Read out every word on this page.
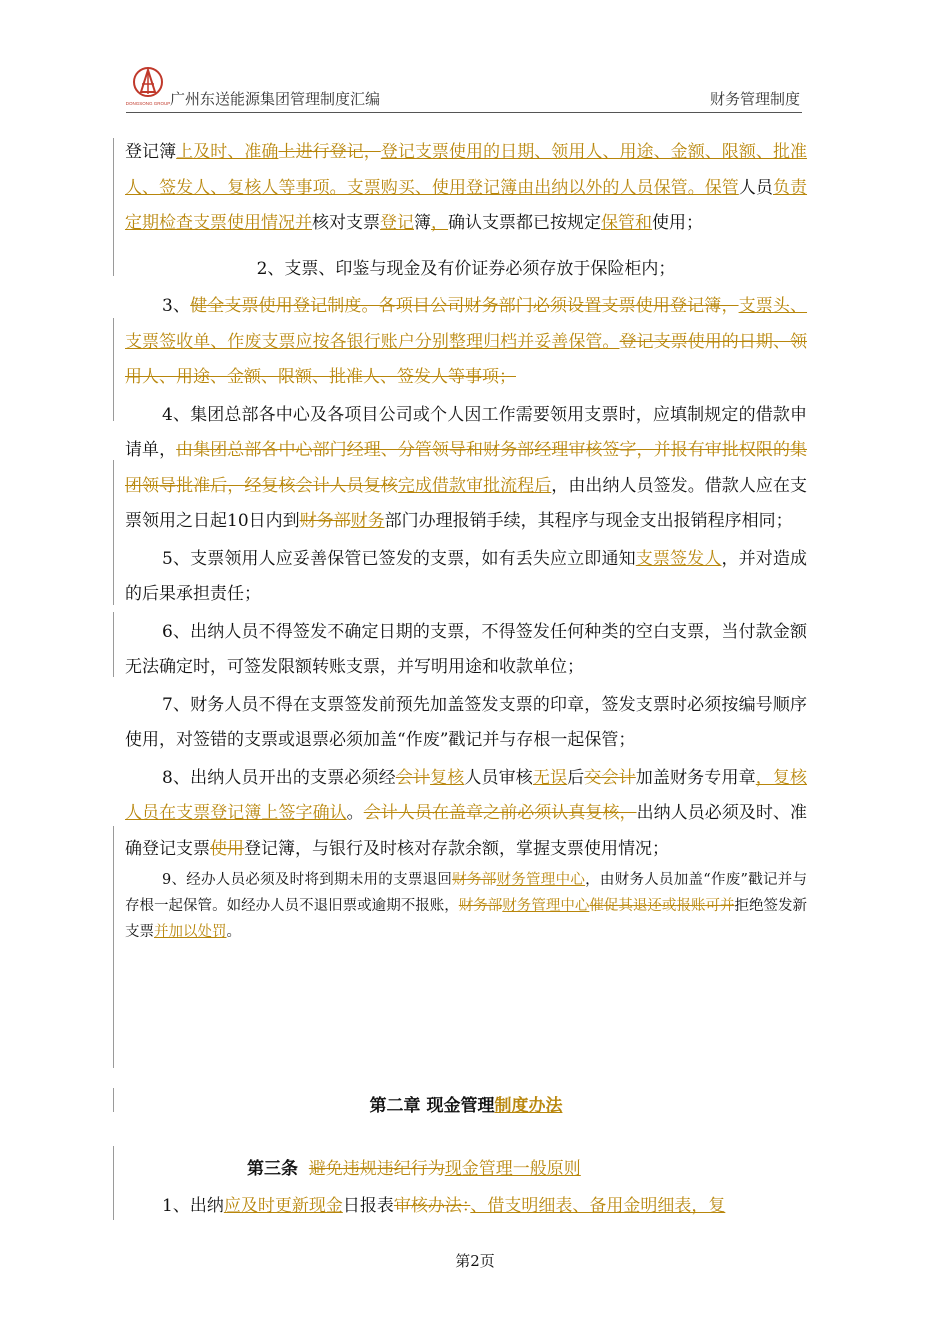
DONGSONG GROUP 广州东送能源集团管理制度汇编	财务管理制度

登记簿上及时、准确上进行登记，登记支票使用的日期、领用人、用途、金额、限额、批准人、签发人、复核人等事项。支票购买、使用登记簿由出纳以外的人员保管。保管人员负责定期检查支票使用情况并核对支票登记簿，确认支票都已按规定保管和使用；

2、支票、印鉴与现金及有价证券必须存放于保险柜内；

3、健全支票使用登记制度。各项目公司财务部门必须设置支票使用登记簿，支票头、支票签收单、作废支票应按各银行账户分别整理归档并妥善保管。登记支票使用的日期、领用人、用途、金额、限额、批准人、签发人等事项；

4、集团总部各中心及各项目公司或个人因工作需要领用支票时，应填制规定的借款申请单，由集团总部各中心部门经理、分管领导和财务部经理审核签字，并报有审批权限的集团领导批准后，经复核会计人员复核完成借款审批流程后，由出纳人员签发。借款人应在支票领用之日起10日内到财务部财务部门办理报销手续，其程序与现金支出报销程序相同；

5、支票领用人应妥善保管已签发的支票，如有丢失应立即通知支票签发人，并对造成的后果承担责任；

6、出纳人员不得签发不确定日期的支票，不得签发任何种类的空白支票，当付款金额无法确定时，可签发限额转账支票，并写明用途和收款单位；

7、财务人员不得在支票签发前预先加盖签发支票的印章，签发支票时必须按编号顺序使用，对签错的支票或退票必须加盖“作废”戳记并与存根一起保管；

8、出纳人员开出的支票必须经会计复核人员审核无误后交会计加盖财务专用章，复核人员在支票登记簿上签字确认。会计人员在盖章之前必须认真复核，出纳人员必须及时、准确登记支票使用登记簿，与银行及时核对存款余额，掌握支票使用情况；

9、经办人员必须及时将到期未用的支票退回财务部财务管理中心，由财务人员加盖“作废”戳记并与存根一起保管。如经办人员不退旧票或逾期不报账，财务部财务管理中心催促其退还或报账可并拒绝签发新支票并加以处罚。

第二章 现金管理制度办法
第三条 避免违规违纪行为现金管理一般原则
1、出纳应及时更新现金日报表审核办法：、借支明细表、备用金明细表，复
第2页
